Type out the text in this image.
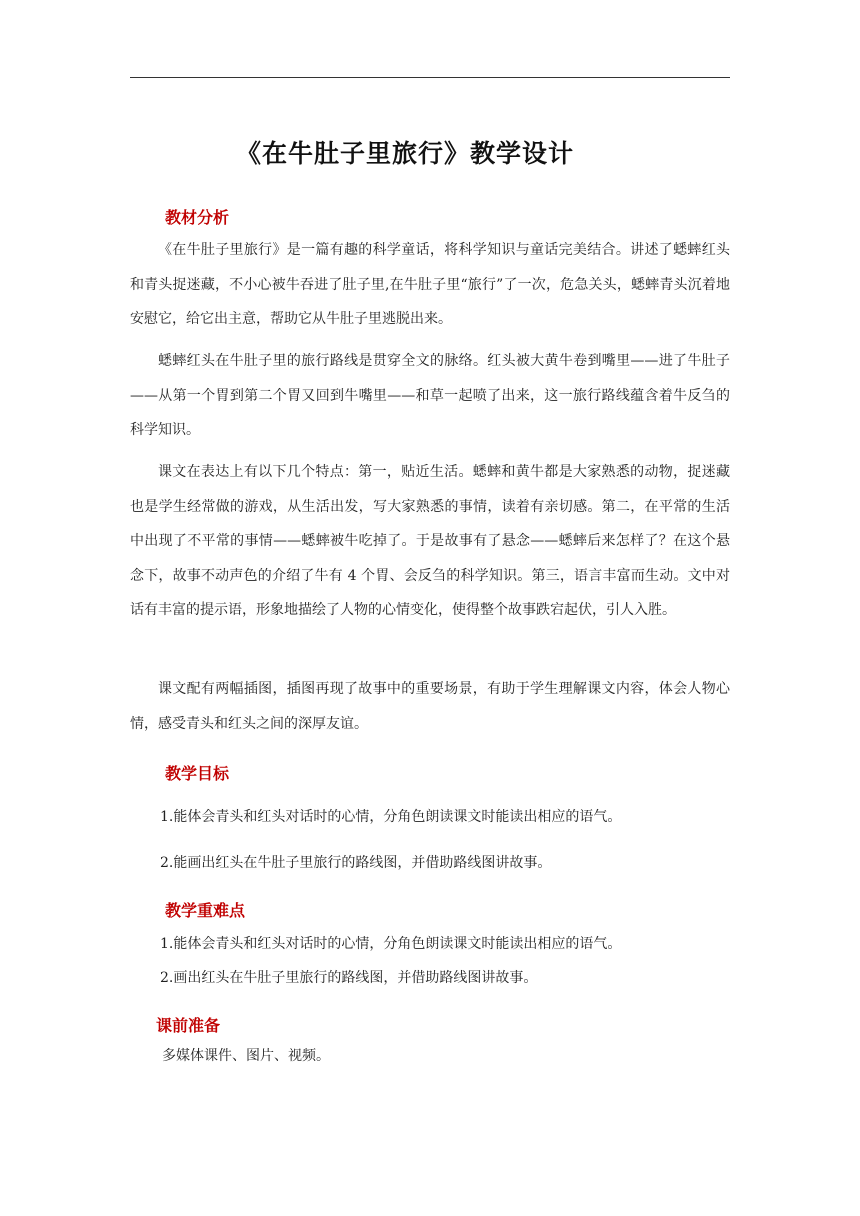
《在牛肚子里旅行》教学设计
教材分析

《在牛肚子里旅行》是一篇有趣的科学童话，将科学知识与童话完美结合。讲述了蟋蟀红头和青头捉迷藏，不小心被牛吞进了肚子里,在牛肚子里“旅行”了一次，危急关头，蟋蟀青头沉着地安慰它，给它出主意，帮助它从牛肚子里逃脱出来。

蟋蟀红头在牛肚子里的旅行路线是贯穿全文的脉络。红头被大黄牛卷到嘴里——进了牛肚子——从第一个胃到第二个胃又回到牛嘴里——和草一起喷了出来，这一旅行路线蕴含着牛反刍的科学知识。

课文在表达上有以下几个特点：第一，贴近生活。蟋蟀和黄牛都是大家熟悉的动物，捉迷藏也是学生经常做的游戏，从生活出发，写大家熟悉的事情，读着有亲切感。第二，在平常的生活中出现了不平常的事情——蟋蟀被牛吃掉了。于是故事有了悬念——蟋蟀后来怎样了？在这个悬念下，故事不动声色的介绍了牛有 4 个胃、会反刍的科学知识。第三，语言丰富而生动。文中对话有丰富的提示语，形象地描绘了人物的心情变化，使得整个故事跌宕起伏，引人入胜。

课文配有两幅插图，插图再现了故事中的重要场景，有助于学生理解课文内容，体会人物心情，感受青头和红头之间的深厚友谊。

教学目标

1.能体会青头和红头对话时的心情，分角色朗读课文时能读出相应的语气。

2.能画出红头在牛肚子里旅行的路线图，并借助路线图讲故事。

教学重难点

1.能体会青头和红头对话时的心情，分角色朗读课文时能读出相应的语气。

2.画出红头在牛肚子里旅行的路线图，并借助路线图讲故事。

课前准备

多媒体课件、图片、视频。
